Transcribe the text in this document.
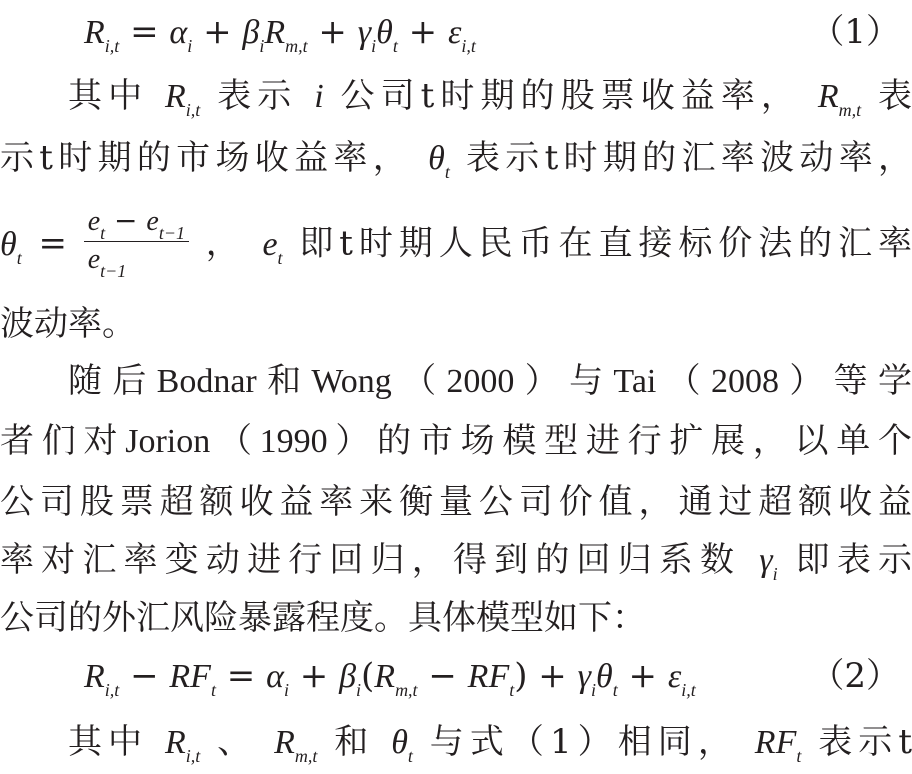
$R_{i,t} = \alpha_i + \beta_iR_{m,t} + \gamma_i\theta_t + \varepsilon_{i,t}$	（1）
其中 $R_{i,t}$ 表示 i 公司t时期的股票收益率， $R_{m,t}$ 表
示t时期的市场收益率， $\theta_t$ 表示t时期的汇率波动率，
$\theta_t = \frac{e_t - e_{t-1}}{e_{t-1}}$ ， $e_t$ 即t时期人民币在直接标价法的汇率
波动率。
随后Bodnar和Wong（2000）与Tai（2008）等学
者们对Jorion（1990）的市场模型进行扩展，以单个
公司股票超额收益率来衡量公司价值，通过超额收益
率对汇率变动进行回归，得到的回归系数 $\gamma_i$ 即表示
公司的外汇风险暴露程度。具体模型如下：
$R_{i,t} - RF_t = \alpha_i + \beta_i(R_{m,t} - RF_t) + \gamma_i\theta_t + \varepsilon_{i,t}$	（2）
其中 $R_{i,t}$ 、 $R_{m,t}$ 和 $\theta_t$ 与式（1）相同， $RF_t$ 表示t
